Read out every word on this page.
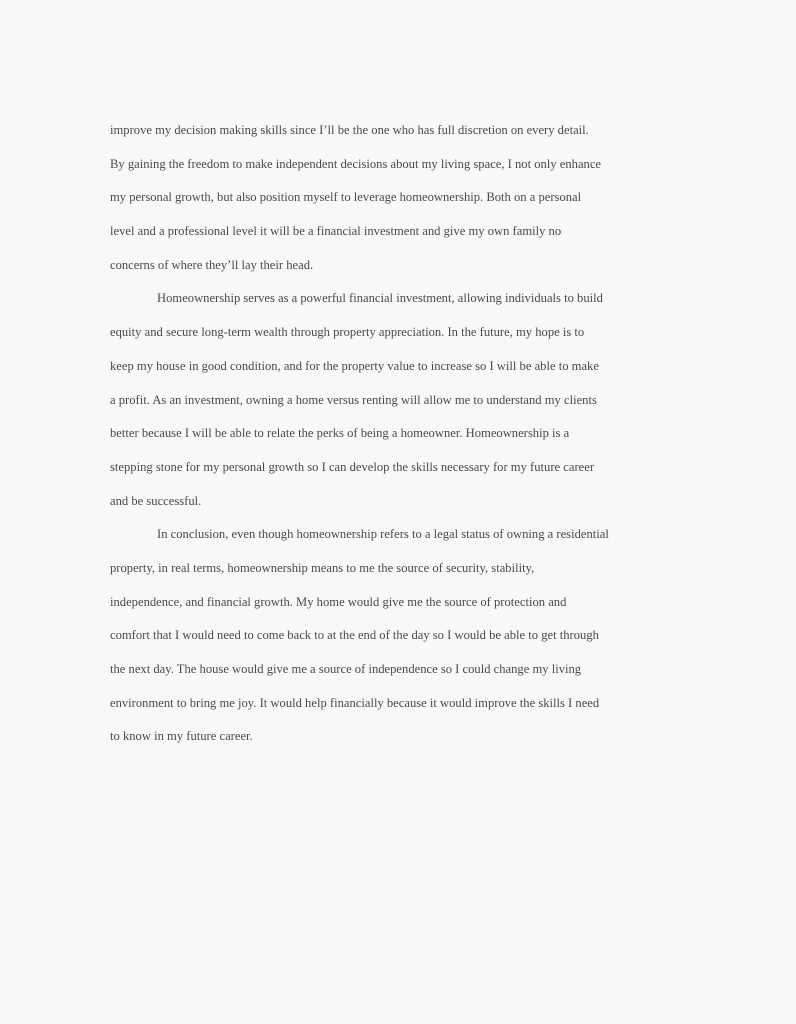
improve my decision making skills since I’ll be the one who has full discretion on every detail.
By gaining the freedom to make independent decisions about my living space, I not only enhance
my personal growth, but also position myself to leverage homeownership. Both on a personal
level and a professional level it will be a financial investment and give my own family no
concerns of where they’ll lay their head.
Homeownership serves as a powerful financial investment, allowing individuals to build
equity and secure long-term wealth through property appreciation. In the future, my hope is to
keep my house in good condition, and for the property value to increase so I will be able to make
a profit. As an investment, owning a home versus renting will allow me to understand my clients
better because I will be able to relate the perks of being a homeowner. Homeownership is a
stepping stone for my personal growth so I can develop the skills necessary for my future career
and be successful.
In conclusion, even though homeownership refers to a legal status of owning a residential
property, in real terms, homeownership means to me the source of security, stability,
independence, and financial growth. My home would give me the source of protection and
comfort that I would need to come back to at the end of the day so I would be able to get through
the next day. The house would give me a source of independence so I could change my living
environment to bring me joy. It would help financially because it would improve the skills I need
to know in my future career.
